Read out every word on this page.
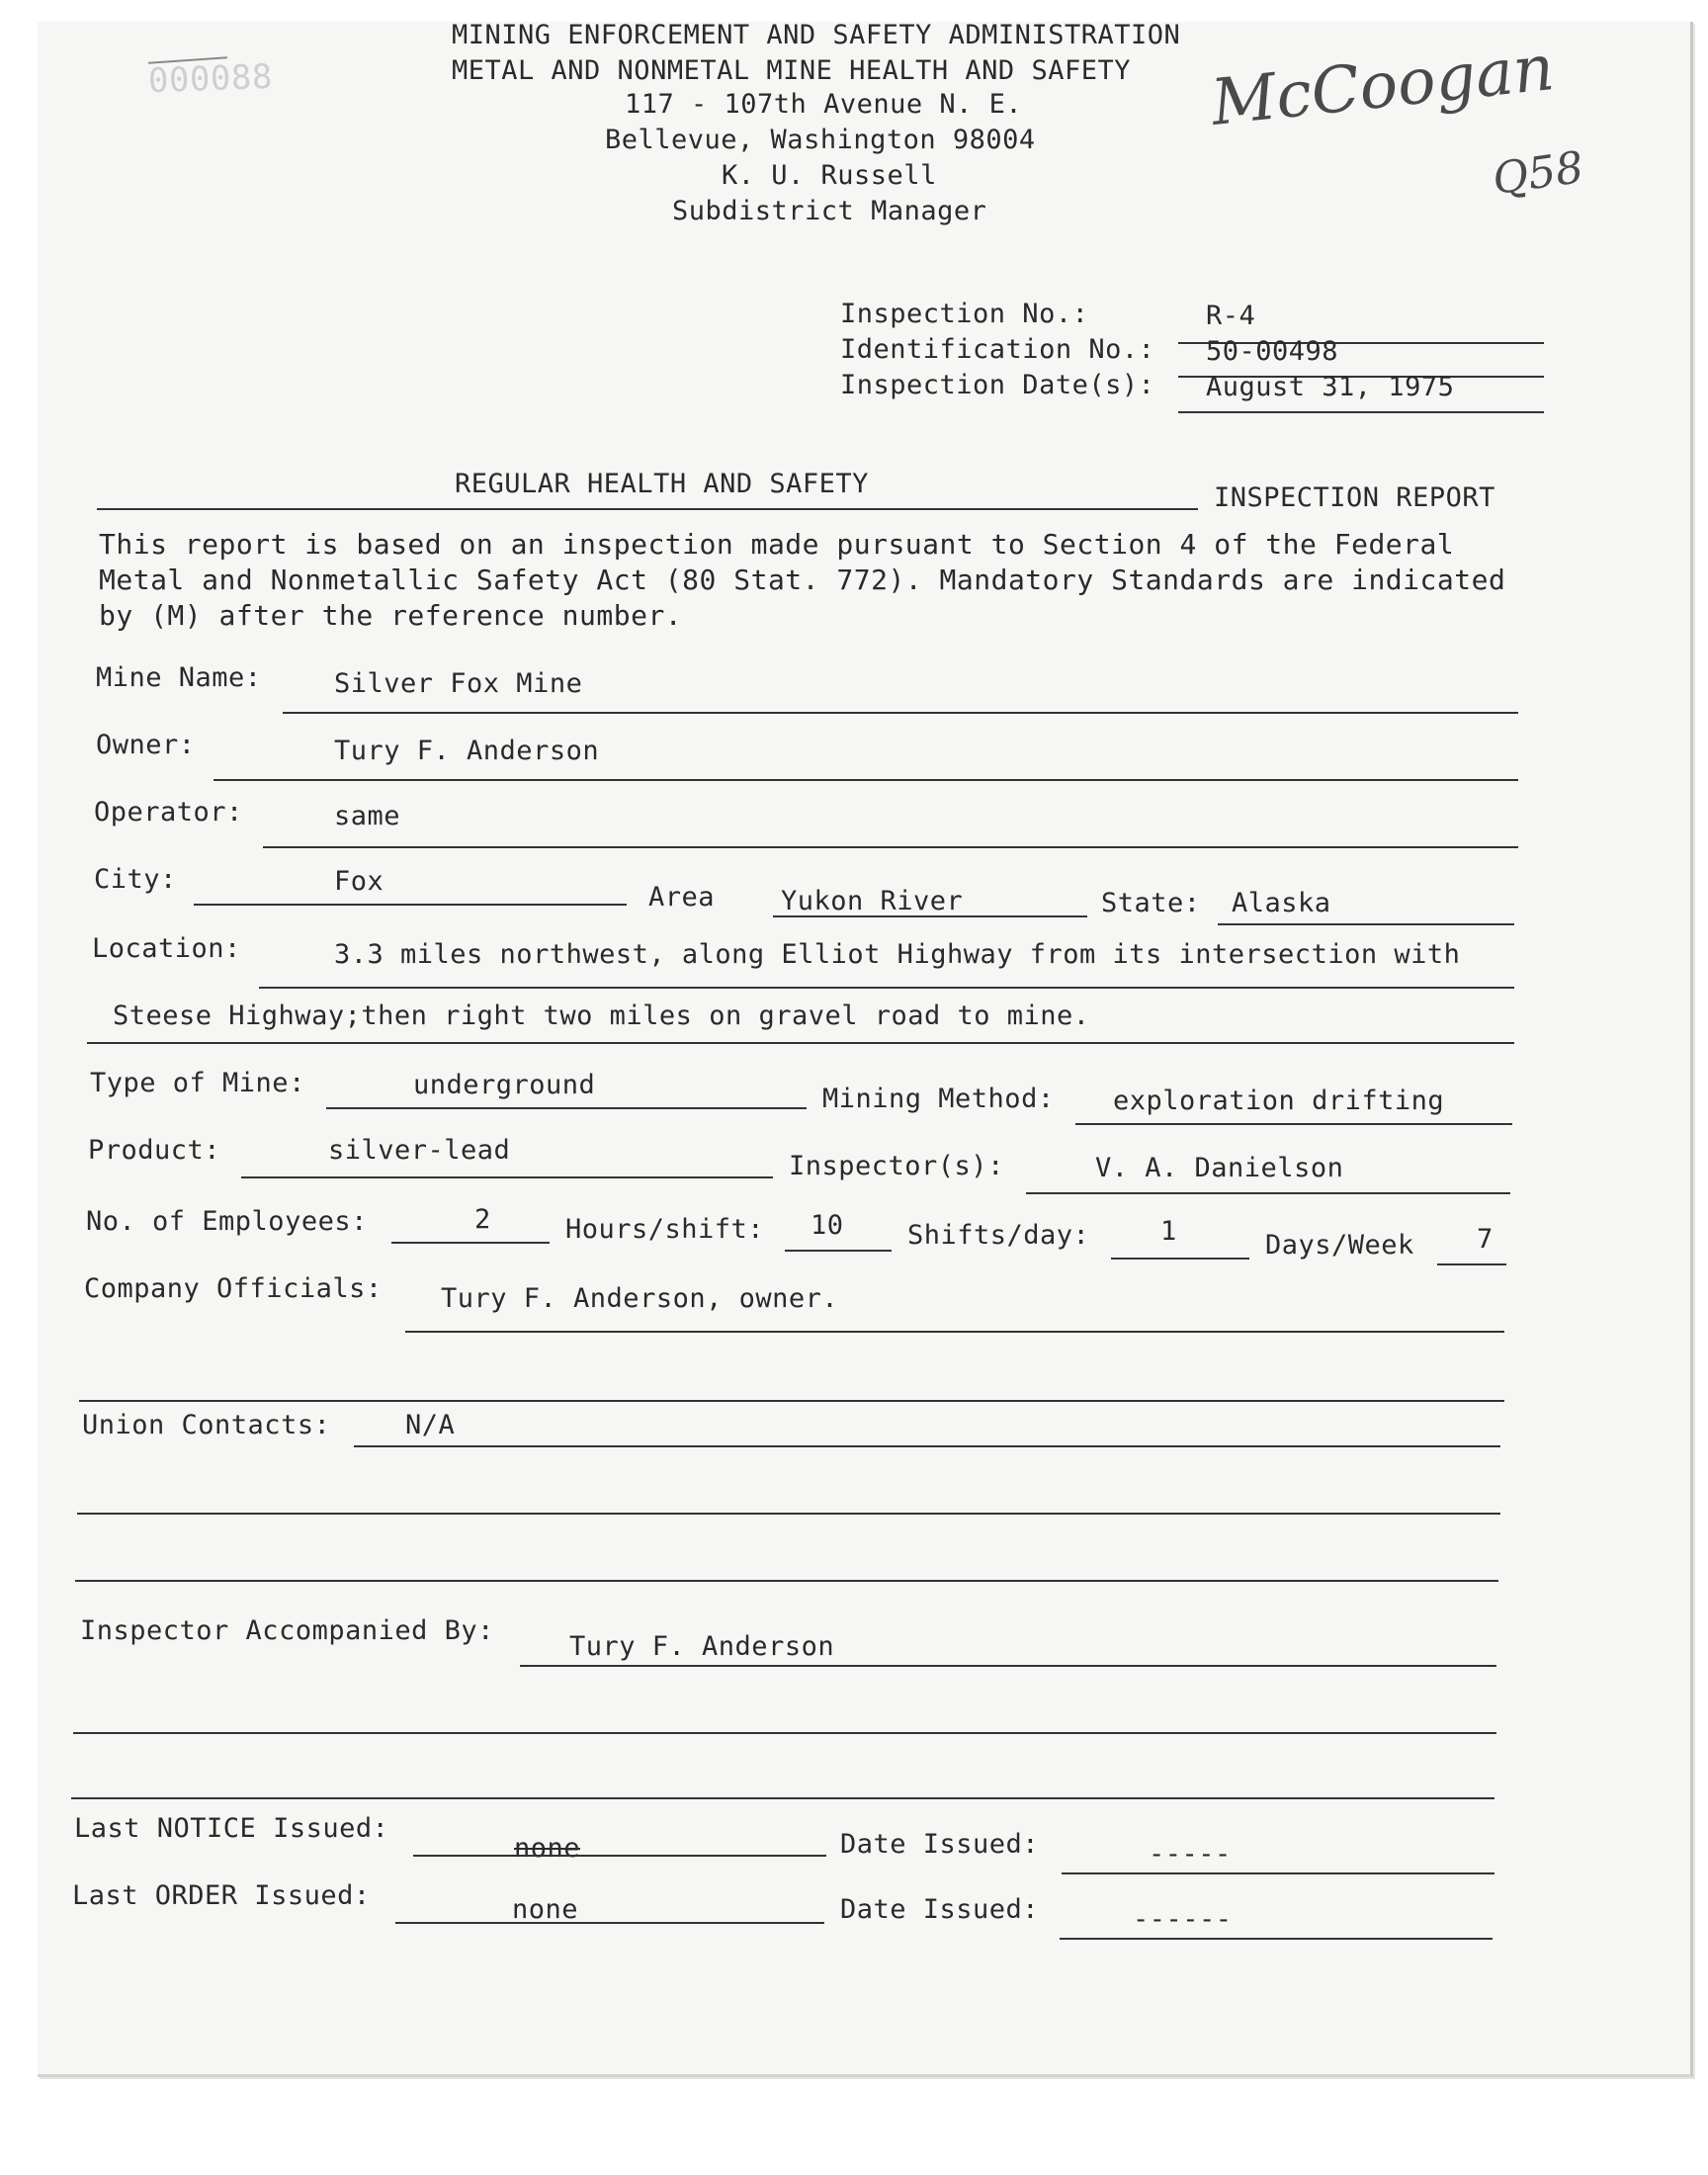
000088
MINING ENFORCEMENT AND SAFETY ADMINISTRATION
METAL AND NONMETAL MINE HEALTH AND SAFETY
117 - 107th Avenue N. E.
Bellevue, Washington 98004
K. U. Russell
Subdistrict Manager
McCoogan
Q58
Inspection No.:	R-4
Identification No.: 50-00498
Inspection Date(s): August 31, 1975
REGULAR HEALTH AND SAFETY	INSPECTION REPORT
This report is based on an inspection made pursuant to Section 4 of the Federal
Metal and Nonmetallic Safety Act (80 Stat. 772). Mandatory Standards are indicated
by (M) after the reference number.
Mine Name:	Silver Fox Mine
Owner:	Tury F. Anderson
Operator:	same
City:	Fox
Area Yukon River	State: Alaska
Location:	3.3 miles northwest, along Elliot Highway from its intersection with
Steese Highway;then right two miles on gravel road to mine.
Type of Mine:	underground	Mining Method: exploration drifting
Product:	silver-lead
Inspector(s):	V. A. Danielson
No. of Employees:	2	Hours/shift: 10 Shifts/day:	1	Days/Week 7
Company Officials: Tury F. Anderson, owner.
Union Contacts:	N/A
Inspector Accompanied By:
Tury F. Anderson
Last NOTICE Issued:
none	Date Issued:	-----
Last ORDER Issued:	none	Date Issued:	------
